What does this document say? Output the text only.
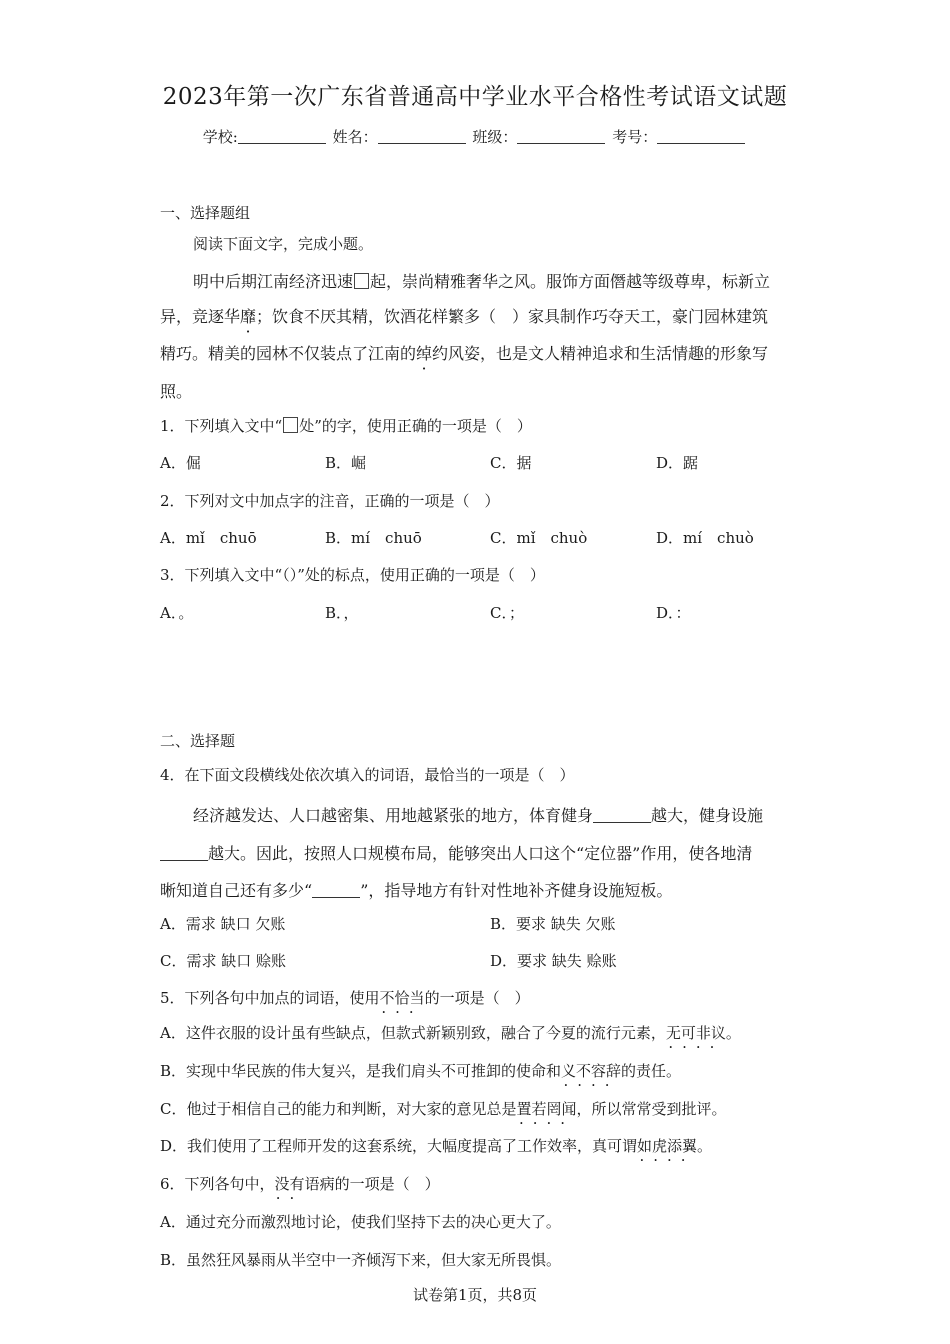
2023年第一次广东省普通高中学业水平合格性考试语文试题
学校:	姓名：	班级：	考号：
一、选择题组
阅读下面文字，完成小题。
明中后期江南经济迅速 起，崇尚精雅奢华之风。服饰方面僭越等级尊卑，标新立
异，竞逐华靡；饮食不厌其精，饮酒花样繁多（　）家具制作巧夺天工，豪门园林建筑
精巧。精美的园林不仅装点了江南的绰约风姿，也是文人精神追求和生活情趣的形象写
照。
1．下列填入文中“ 处”的字，使用正确的一项是（　）
A．倔	B．崛	C．据	D．踞
2．下列对文中加点字的注音，正确的一项是（　）
A．mǐ　chuō	B．mí　chuō	C．mǐ　chuò	D．mí　chuò
3．下列填入文中“（）”处的标点，使用正确的一项是（　）
A．。	B．，	C．；	D．：
二、选择题
4．在下面文段横线处依次填入的词语，最恰当的一项是（　）
经济越发达、人口越密集、用地越紧张的地方，体育健身	越大，健身设施
越大。因此，按照人口规模布局，能够突出人口这个“定位器”作用，使各地清
晰知道自己还有多少“	”，指导地方有针对性地补齐健身设施短板。
A．需求 缺口 欠账	B．要求 缺失 欠账
C．需求 缺口 赊账	D．要求 缺失 赊账
5．下列各句中加点的词语，使用不恰当
···
的一项是（　）
A．这件衣服的设计虽有些缺点，但款式新颖别致，融合了今夏的流行元素，无可非议
····
。
B．实现中华民族的伟大复兴，是我们肩头不可推卸的使命和义不容辞
····
的责任。
C．他过于相信自己的能力和判断，对大家的意见总是置若罔闻
····
，所以常常受到批评。
D．我们使用了工程师开发的这套系统，大幅度提高了工作效率，真可谓如虎添翼
····
。
6．下列各句中，没有
··
语病的一项是（　）
A．通过充分而激烈地讨论，使我们坚持下去的决心更大了。
B．虽然狂风暴雨从半空中一齐倾泻下来，但大家无所畏惧。
试卷第1页，共8页
